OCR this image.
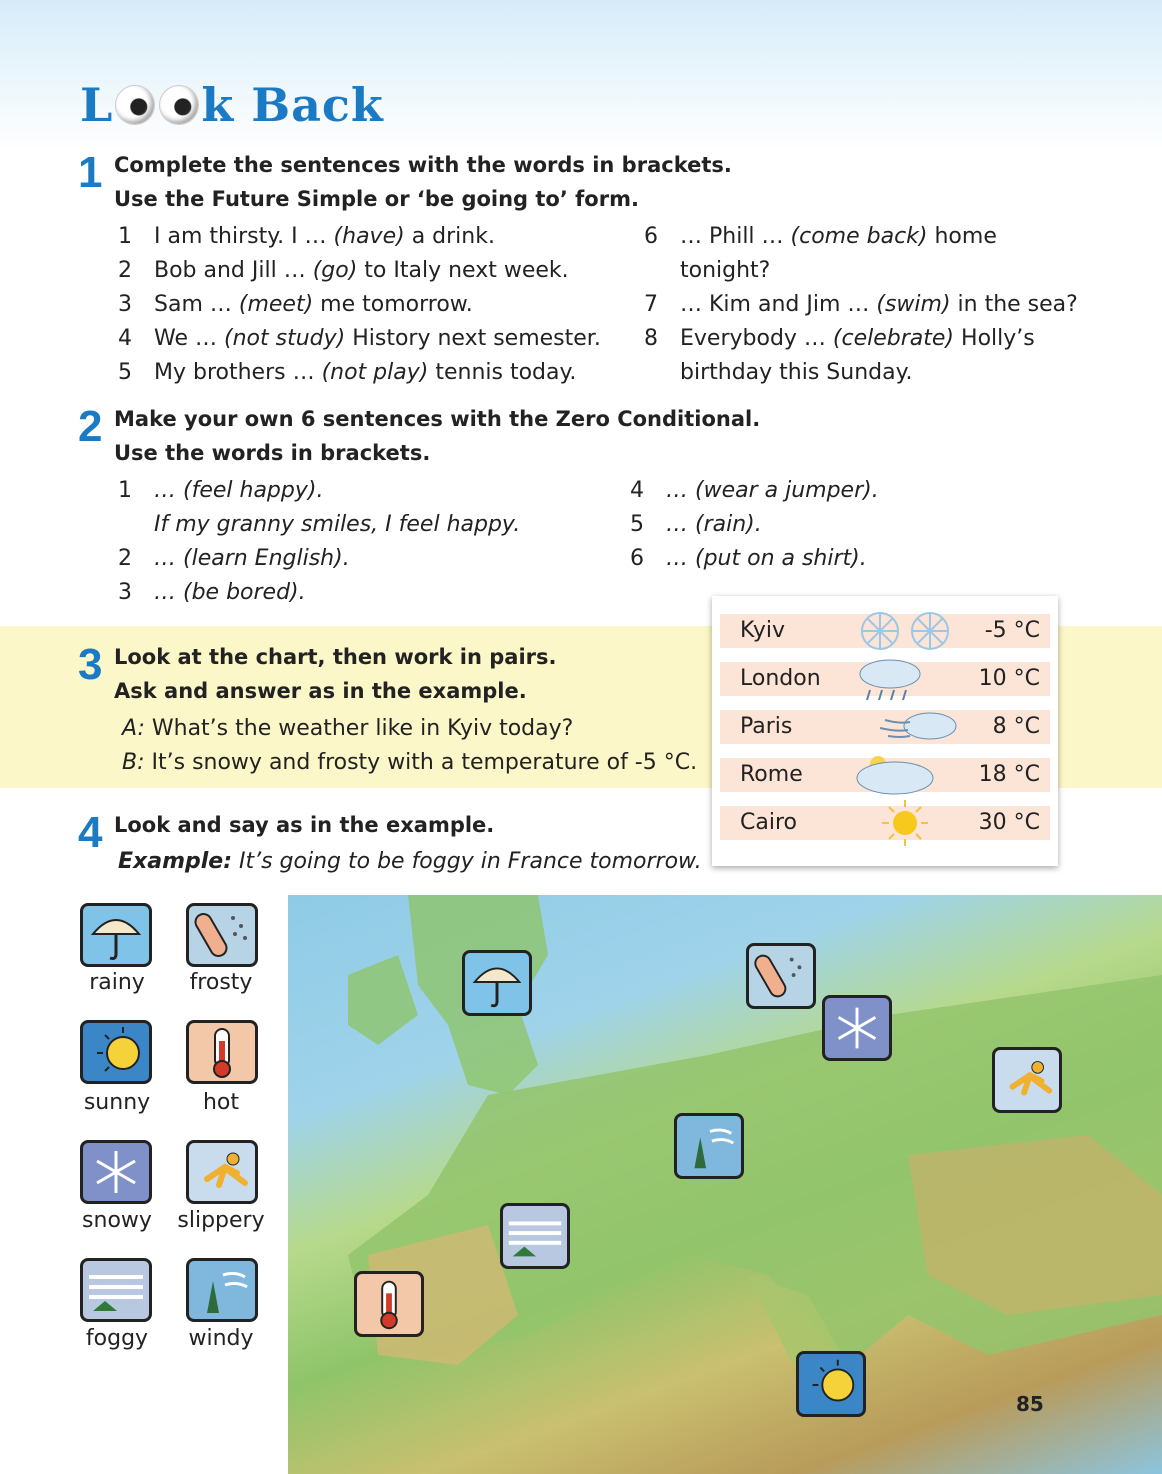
L k Back
1 Complete the sentences with the words in brackets.
Use the Future Simple or ‘be going to’ form.
1 I am thirsty. I … (have) a drink.
2 Bob and Jill … (go) to Italy next week.
3 Sam … (meet) me tomorrow.
4 We … (not study) History next semester.
5 My brothers … (not play) tennis today.
6 … Phill … (come back) home
tonight?
7 … Kim and Jim … (swim) in the sea?
8 Everybody … (celebrate) Holly’s
birthday this Sunday.
2 Make your own 6 sentences with the Zero Conditional.
Use the words in brackets.
1 … (feel happy).
If my granny smiles, I feel happy.
2 … (learn English).
3 … (be bored).
4 … (wear a jumper).
5 … (rain).
6 … (put on a shirt).
3 Look at the chart, then work in pairs.
Ask and answer as in the example.
A: What’s the weather like in Kyiv today?
B: It’s snowy and frosty with a temperature of -5 °C.
Kyiv	-5 °C
London	10 °C
Paris	8 °C
Rome	18 °C
Cairo	30 °C
4 Look and say as in the example.
Example: It’s going to be foggy in France tomorrow.
rainy	frosty
sunny	hot
snowy	slippery
foggy	windy
85
